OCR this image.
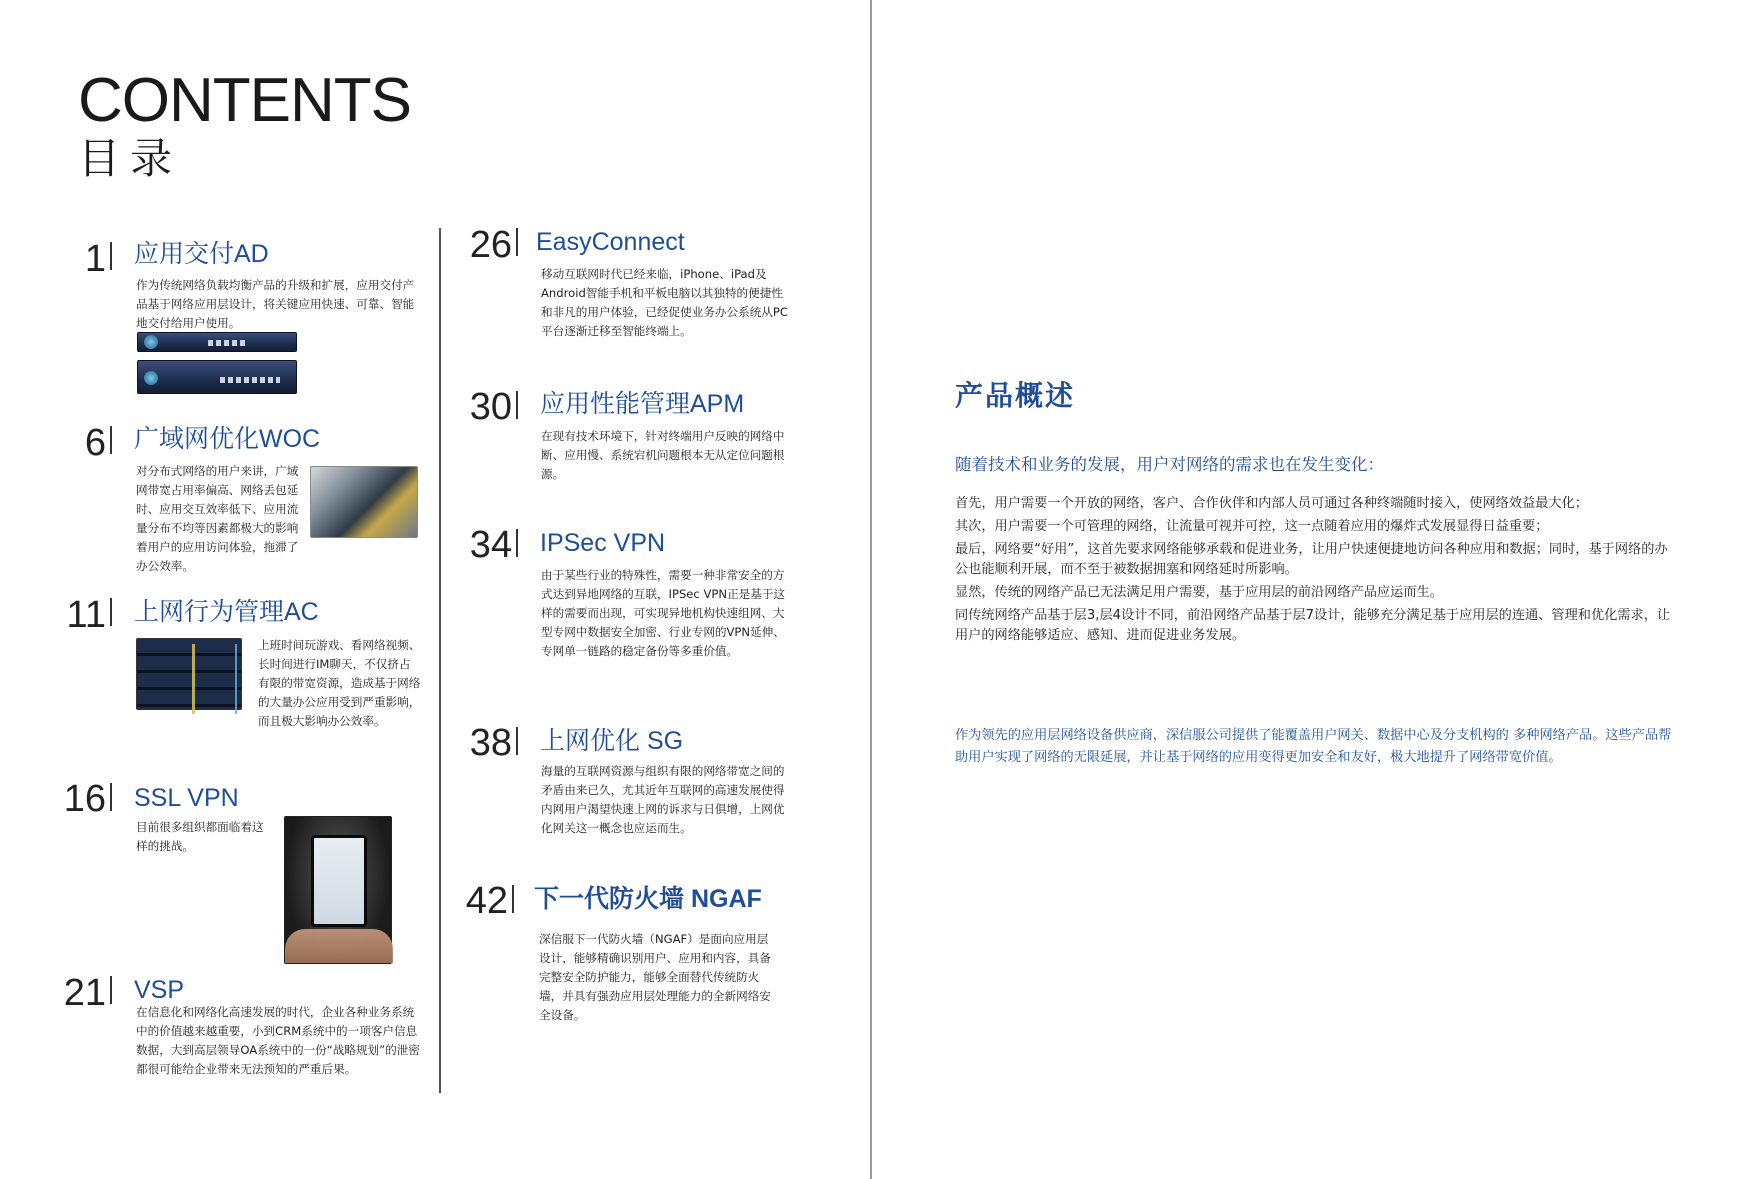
CONTENTS
目录
1 应用交付AD
作为传统网络负载均衡产品的升级和扩展，应用交付产品基于网络应用层设计，将关键应用快速、可靠、智能地交付给用户使用。
6 广域网优化WOC
对分布式网络的用户来讲，广域网带宽占用率偏高、网络丢包延时、应用交互效率低下、应用流量分布不均等因素都极大的影响着用户的应用访问体验，拖滞了办公效率。
11 上网行为管理AC
上班时间玩游戏、看网络视频、长时间进行IM聊天，不仅挤占有限的带宽资源，造成基于网络的大量办公应用受到严重影响，而且极大影响办公效率。
16 SSL VPN
目前很多组织都面临着这样的挑战。
21 VSP
在信息化和网络化高速发展的时代，企业各种业务系统中的价值越来越重要，小到CRM系统中的一项客户信息数据，大到高层领导OA系统中的一份“战略规划”的泄密都很可能给企业带来无法预知的严重后果。
26 EasyConnect
移动互联网时代已经来临，iPhone、iPad及Android智能手机和平板电脑以其独特的便捷性和非凡的用户体验，已经促使业务办公系统从PC平台逐渐迁移至智能终端上。
30 应用性能管理APM
在现有技术环境下，针对终端用户反映的网络中断、应用慢、系统宕机问题根本无从定位问题根源。
34 IPSec VPN
由于某些行业的特殊性，需要一种非常安全的方式达到异地网络的互联，IPSec VPN正是基于这样的需要而出现，可实现异地机构快速组网、大型专网中数据安全加密、行业专网的VPN延伸、专网单一链路的稳定备份等多重价值。
38 上网优化 SG
海量的互联网资源与组织有限的网络带宽之间的矛盾由来已久，尤其近年互联网的高速发展使得内网用户渴望快速上网的诉求与日俱增，上网优化网关这一概念也应运而生。
42 下一代防火墙 NGAF
深信服下一代防火墙（NGAF）是面向应用层设计，能够精确识别用户、应用和内容，具备完整安全防护能力，能够全面替代传统防火墙，并具有强劲应用层处理能力的全新网络安全设备。
产品概述
随着技术和业务的发展，用户对网络的需求也在发生变化：

首先，用户需要一个开放的网络，客户、合作伙伴和内部人员可通过各种终端随时接入，使网络效益最大化；

其次，用户需要一个可管理的网络，让流量可视并可控，这一点随着应用的爆炸式发展显得日益重要；

最后，网络要“好用”，这首先要求网络能够承载和促进业务，让用户快速便捷地访问各种应用和数据；同时，基于网络的办公也能顺利开展，而不至于被数据拥塞和网络延时所影响。

显然，传统的网络产品已无法满足用户需要，基于应用层的前沿网络产品应运而生。

同传统网络产品基于层3,层4设计不同，前沿网络产品基于层7设计，能够充分满足基于应用层的连通、管理和优化需求，让用户的网络能够适应、感知、进而促进业务发展。

作为领先的应用层网络设备供应商，深信服公司提供了能覆盖用户网关、数据中心及分支机构的 多种网络产品。这些产品帮助用户实现了网络的无限延展，并让基于网络的应用变得更加安全和友好，极大地提升了网络带宽价值。
